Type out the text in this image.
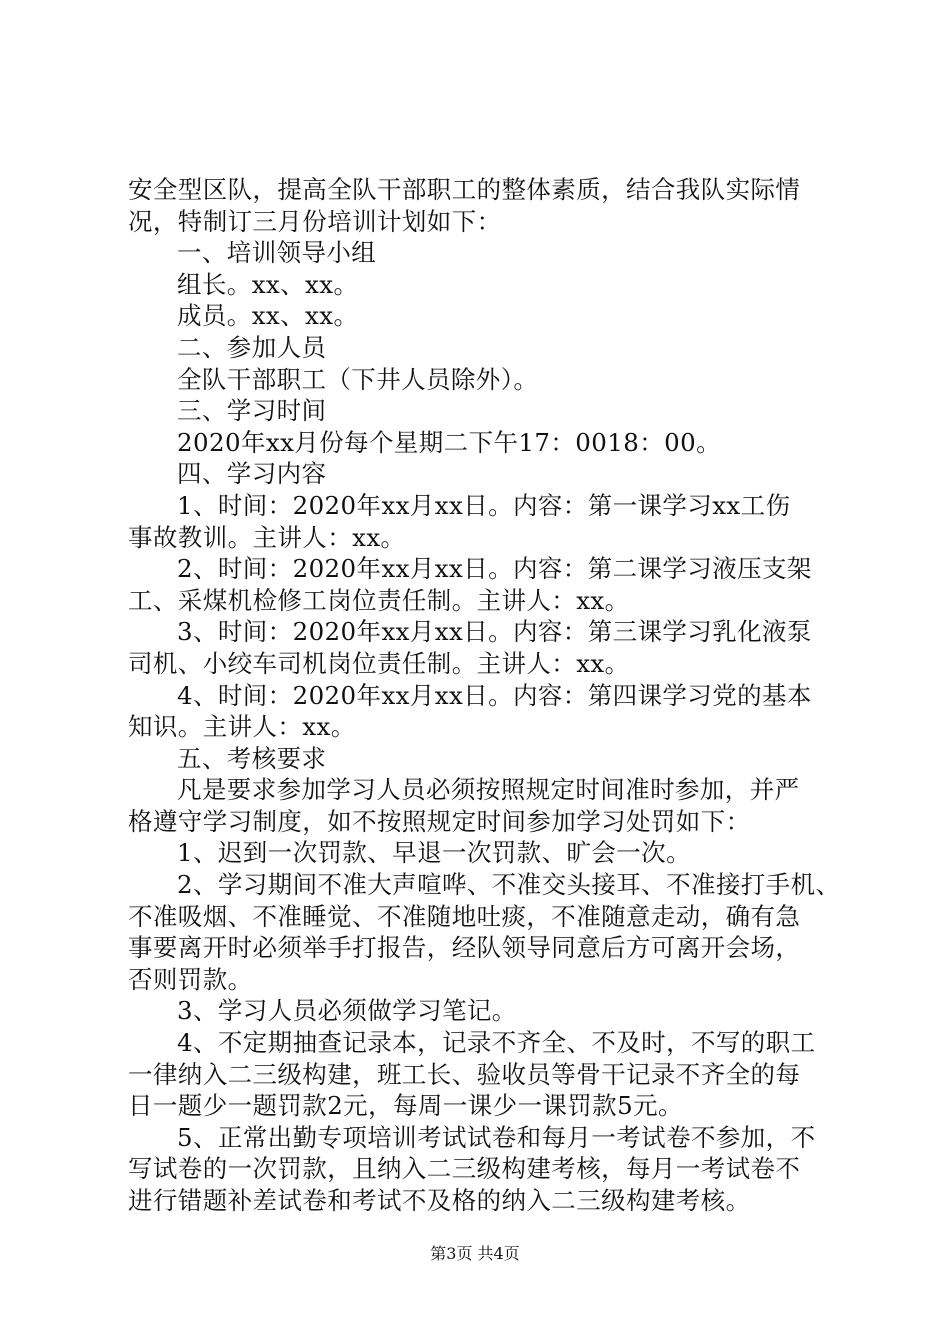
安全型区队，提高全队干部职工的整体素质，结合我队实际情
况，特制订三月份培训计划如下：
一、培训领导小组
组长。xx、xx。
成员。xx、xx。
二、参加人员
全队干部职工（下井人员除外）。
三、学习时间
2020年xx月份每个星期二下午17：0018：00。
四、学习内容
1、时间：2020年xx月xx日。内容：第一课学习xx工伤
事故教训。主讲人：xx。
2、时间：2020年xx月xx日。内容：第二课学习液压支架
工、采煤机检修工岗位责任制。主讲人：xx。
3、时间：2020年xx月xx日。内容：第三课学习乳化液泵
司机、小绞车司机岗位责任制。主讲人：xx。
4、时间：2020年xx月xx日。内容：第四课学习党的基本
知识。主讲人：xx。
五、考核要求
凡是要求参加学习人员必须按照规定时间准时参加，并严
格遵守学习制度，如不按照规定时间参加学习处罚如下：
1、迟到一次罚款、早退一次罚款、旷会一次。
2、学习期间不准大声喧哗、不准交头接耳、不准接打手机、
不准吸烟、不准睡觉、不准随地吐痰，不准随意走动，确有急
事要离开时必须举手打报告，经队领导同意后方可离开会场，
否则罚款。
3、学习人员必须做学习笔记。
4、不定期抽查记录本，记录不齐全、不及时，不写的职工
一律纳入二三级构建，班工长、验收员等骨干记录不齐全的每
日一题少一题罚款2元，每周一课少一课罚款5元。
5、正常出勤专项培训考试试卷和每月一考试卷不参加，不
写试卷的一次罚款，且纳入二三级构建考核，每月一考试卷不
进行错题补差试卷和考试不及格的纳入二三级构建考核。
第3页 共4页
